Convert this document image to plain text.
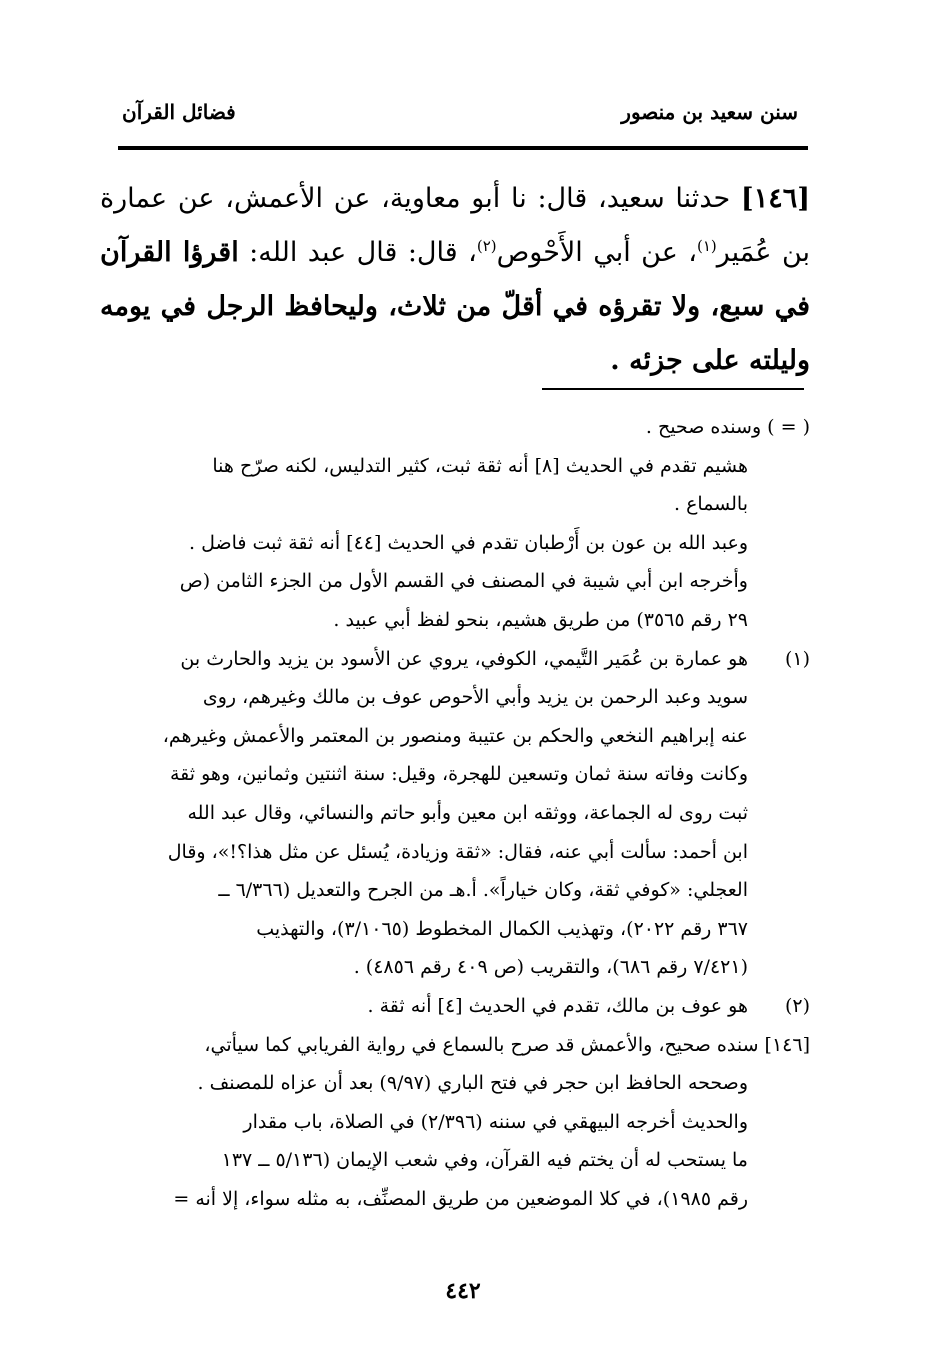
سنن سعيد بن منصور
فضائل القرآن
[١٤٦] حدثنا سعيد، قال: نا أبو معاوية، عن الأعمش، عن عمارة بن عُمَير$^{(١)}$، عن أبي الأَحْوص$^{(٢)}$، قال: قال عبد الله: اقرؤا القرآن في سبع، ولا تقرؤه في أقلّ من ثلاث، وليحافظ الرجل في يومه وليلته على جزئه .
( = ) وسنده صحيح .
هشيم تقدم في الحديث [٨] أنه ثقة ثبت، كثير التدليس، لكنه صرّح هنا
بالسماع .
وعبد الله بن عون بن أَرْطبان تقدم في الحديث [٤٤] أنه ثقة ثبت فاضل .
وأخرجه ابن أبي شيبة في المصنف في القسم الأول من الجزء الثامن (ص
٢٩ رقم ٣٥٦٥) من طريق هشيم، بنحو لفظ أبي عبيد .
(١)هو عمارة بن عُمَير التَّيمي، الكوفي، يروي عن الأسود بن يزيد والحارث بن
سويد وعبد الرحمن بن يزيد وأبي الأحوص عوف بن مالك وغيرهم، روى
عنه إبراهيم النخعي والحكم بن عتيبة ومنصور بن المعتمر والأعمش وغيرهم،
وكانت وفاته سنة ثمان وتسعين للهجرة، وقيل: سنة اثنتين وثمانين، وهو ثقة
ثبت روى له الجماعة، ووثقه ابن معين وأبو حاتم والنسائي، وقال عبد الله
ابن أحمد: سألت أبي عنه، فقال: «ثقة وزيادة، يُسئل عن مثل هذا؟!»، وقال
العجلي: «كوفي ثقة، وكان خياراً». أ.هـ من الجرح والتعديل (٦/٣٦٦ ــ
٣٦٧ رقم ٢٠٢٢)، وتهذيب الكمال المخطوط (٣/١٠٦٥)، والتهذيب
(٧/٤٢١ رقم ٦٨٦)، والتقريب (ص ٤٠٩ رقم ٤٨٥٦) .
(٢)هو عوف بن مالك، تقدم في الحديث [٤] أنه ثقة .
[١٤٦] سنده صحيح، والأعمش قد صرح بالسماع في رواية الفريابي كما سيأتي،
وصححه الحافظ ابن حجر في فتح الباري (٩/٩٧) بعد أن عزاه للمصنف .
والحديث أخرجه البيهقي في سننه (٢/٣٩٦) في الصلاة، باب مقدار
ما يستحب له أن يختم فيه القرآن، وفي شعب الإيمان (٥/١٣٦ ــ ١٣٧
رقم ١٩٨٥)، في كلا الموضعين من طريق المصنِّف، به مثله سواء، إلا أنه =
٤٤٢
